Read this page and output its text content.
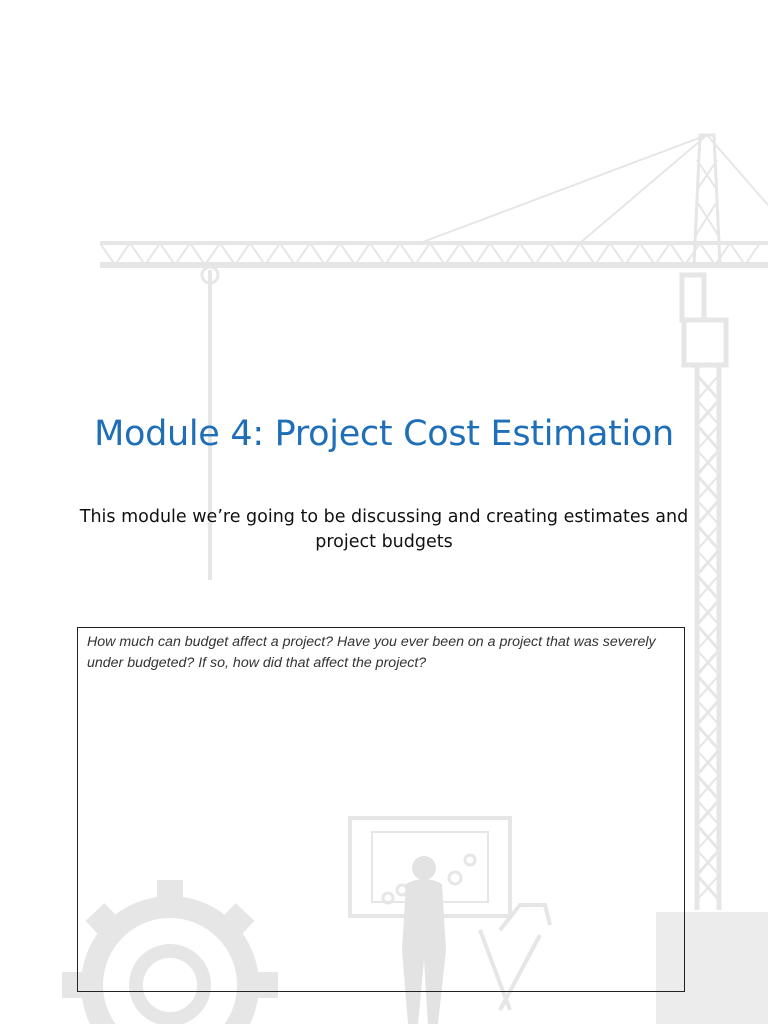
Module 4: Project Cost Estimation

This module we’re going to be discussing and creating estimates and project budgets

How much can budget affect a project? Have you ever been on a project that was severely under budgeted? If so, how did that affect the project?
